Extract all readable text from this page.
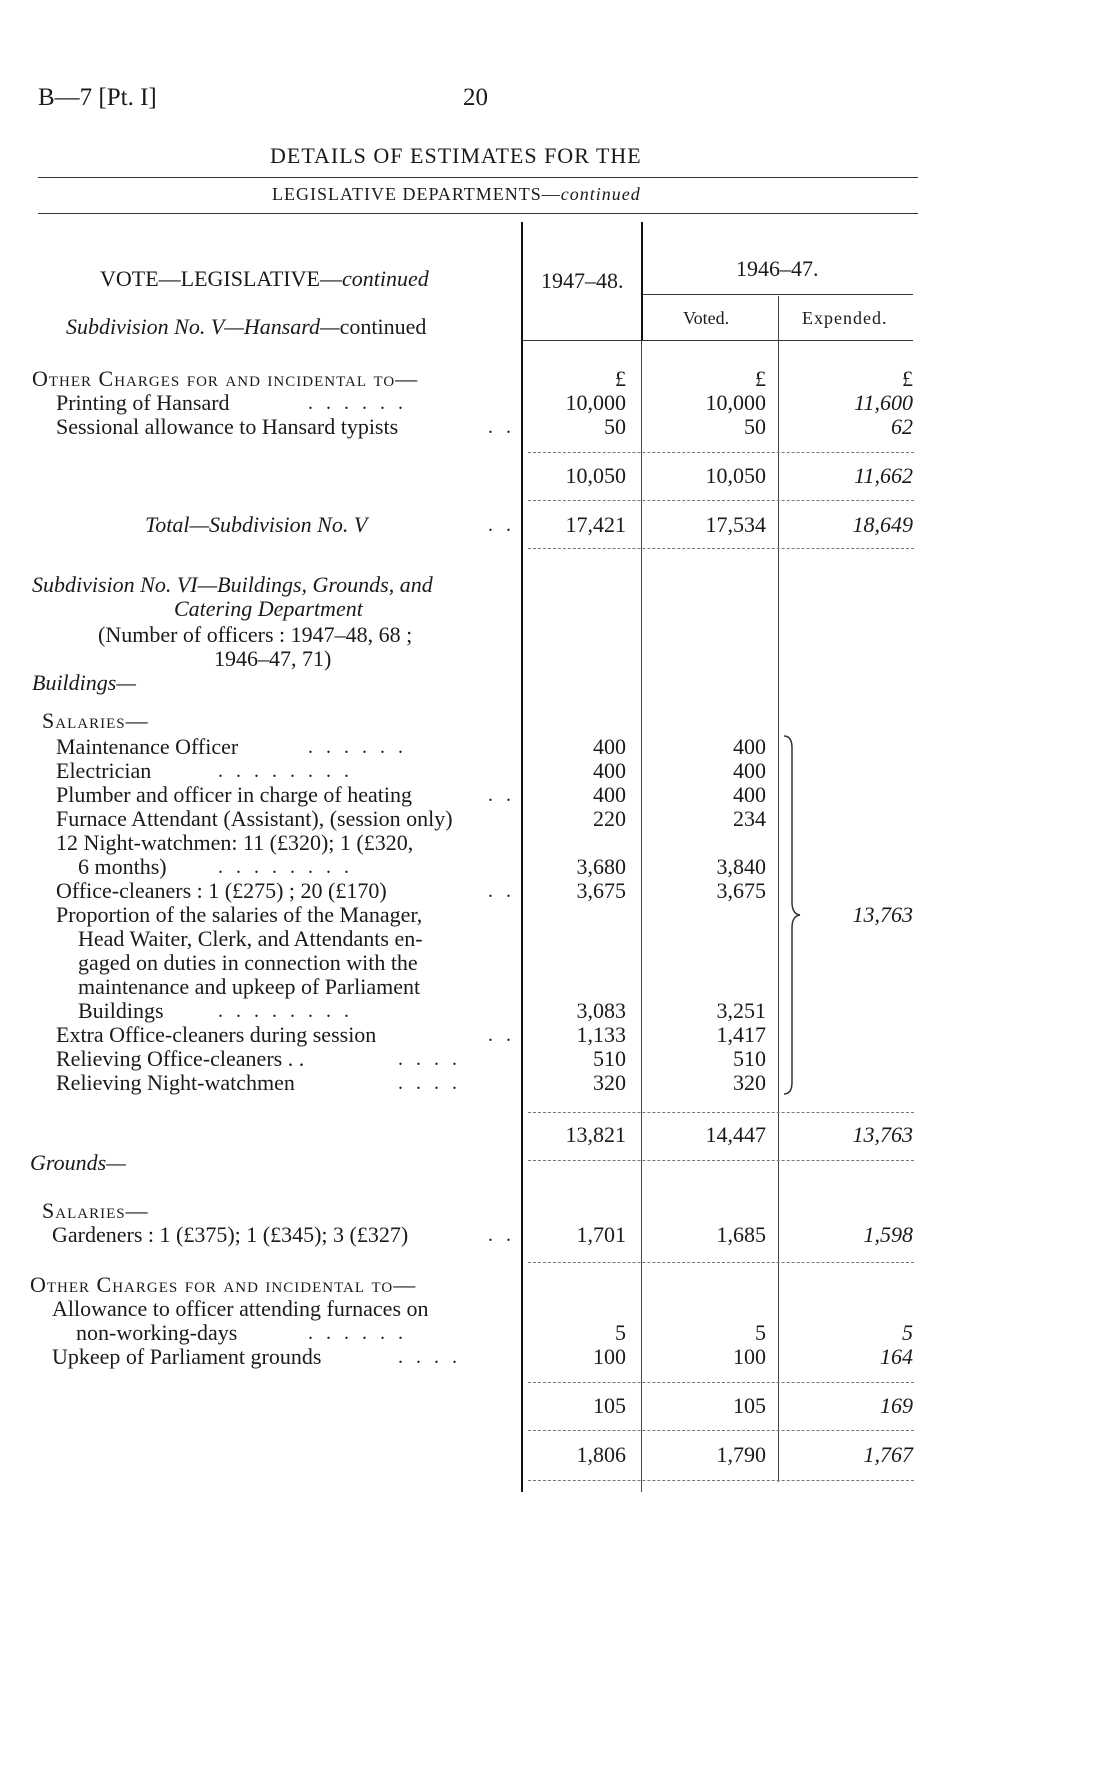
B—7 [Pt. I]	20
DETAILS OF ESTIMATES FOR THE
LEGISLATIVE DEPARTMENTS—continued
1947–48.	1946–47.
Voted.	Expended.
VOTE—LEGISLATIVE—continued
Subdivision No. V—Hansard—continued
Other Charges for and incidental to—	£	£	£
Printing of Hansard	. . . . . .	10,000	10,000	11,600
Sessional allowance to Hansard typists	. .	50	50	62
10,050	10,050	11,662
Total—Subdivision No. V	. .	17,421	17,534	18,649
Subdivision No. VI—Buildings, Grounds, and
Catering Department
(Number of officers : 1947–48, 68 ;
1946–47, 71)
Buildings—
Salaries—
Maintenance Officer	. . . . . .	400	400
Electrician	. . . . . . . .	400	400
Plumber and officer in charge of heating	. .	400	400
Furnace Attendant (Assistant), (session only)	220	234
12 Night-watchmen: 11 (£320); 1 (£320,
6 months)	. . . . . . . .	3,680	3,840
Office-cleaners : 1 (£275) ; 20 (£170)	. .	3,675	3,675
Proportion of the salaries of the Manager,
Head Waiter, Clerk, and Attendants en-
gaged on duties in connection with the
maintenance and upkeep of Parliament
Buildings	. . . . . . . .	3,083	3,251
Extra Office-cleaners during session	. .	1,133	1,417
Relieving Office-cleaners . .	. . . .	510	510
Relieving Night-watchmen	. . . .	320	320
13,763
13,821	14,447	13,763
Grounds—
Salaries—
Gardeners : 1 (£375); 1 (£345); 3 (£327)	. .	1,701	1,685	1,598
Other Charges for and incidental to—
Allowance to officer attending furnaces on
non-working-days	. . . . . .	5	5	5
Upkeep of Parliament grounds	. . . .	100	100	164
105	105	169
1,806	1,790	1,767
